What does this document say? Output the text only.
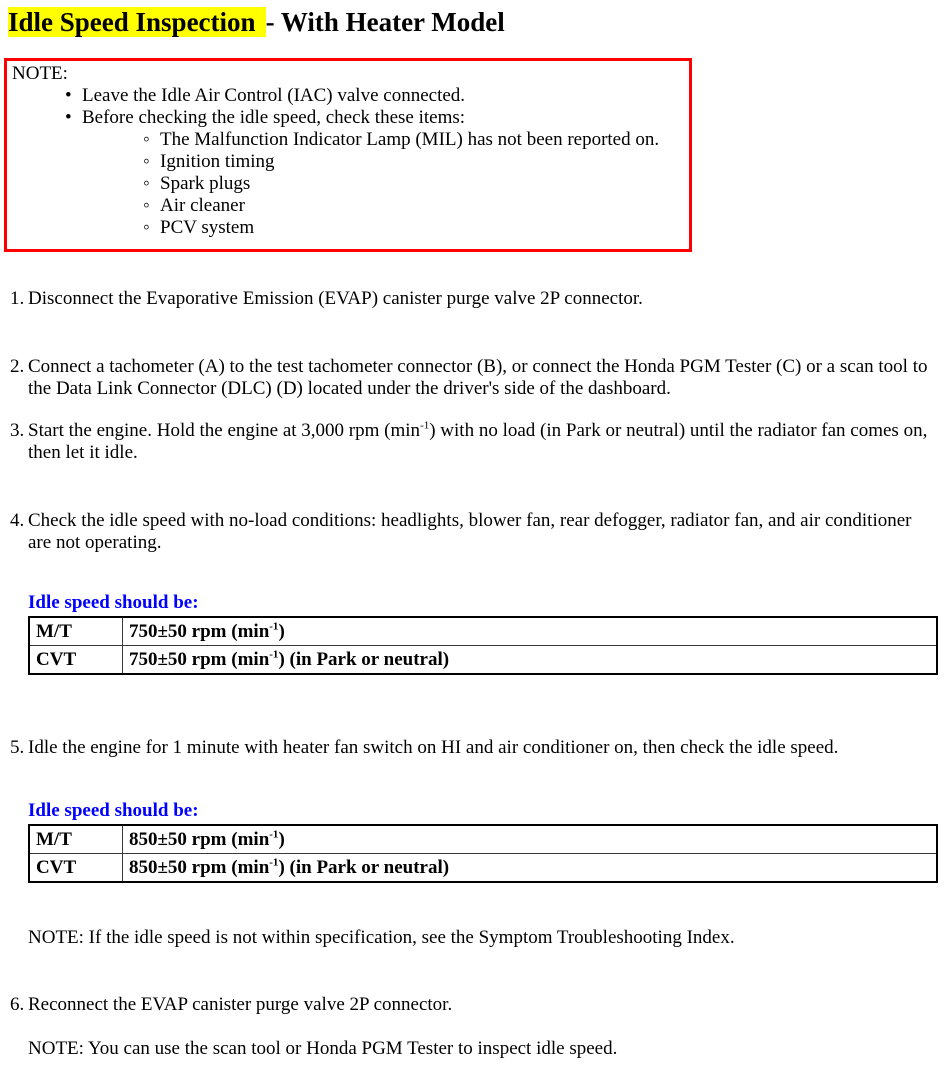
Idle Speed Inspection - With Heater Model
NOTE:
• Leave the Idle Air Control (IAC) valve connected.
• Before checking the idle speed, check these items:
◦ The Malfunction Indicator Lamp (MIL) has not been reported on.
◦ Ignition timing
◦ Spark plugs
◦ Air cleaner
◦ PCV system
1. Disconnect the Evaporative Emission (EVAP) canister purge valve 2P connector.
2. Connect a tachometer (A) to the test tachometer connector (B), or connect the Honda PGM Tester (C) or a scan tool to the Data Link Connector (DLC) (D) located under the driver's side of the dashboard.
3. Start the engine. Hold the engine at 3,000 rpm $(\min^{-1})$ with no load (in Park or neutral) until the radiator fan comes on, then let it idle.
4. Check the idle speed with no-load conditions: headlights, blower fan, rear defogger, radiator fan, and air conditioner are not operating.
Idle speed should be:
M/T	750±50 rpm $(\min^{-1})$
CVT	750±50 rpm $(\min^{-1})$ (in Park or neutral)
5. Idle the engine for 1 minute with heater fan switch on HI and air conditioner on, then check the idle speed.
Idle speed should be:
M/T	850±50 rpm $(\min^{-1})$
CVT	850±50 rpm $(\min^{-1})$ (in Park or neutral)
NOTE: If the idle speed is not within specification, see the Symptom Troubleshooting Index.
6. Reconnect the EVAP canister purge valve 2P connector.
NOTE: You can use the scan tool or Honda PGM Tester to inspect idle speed.
